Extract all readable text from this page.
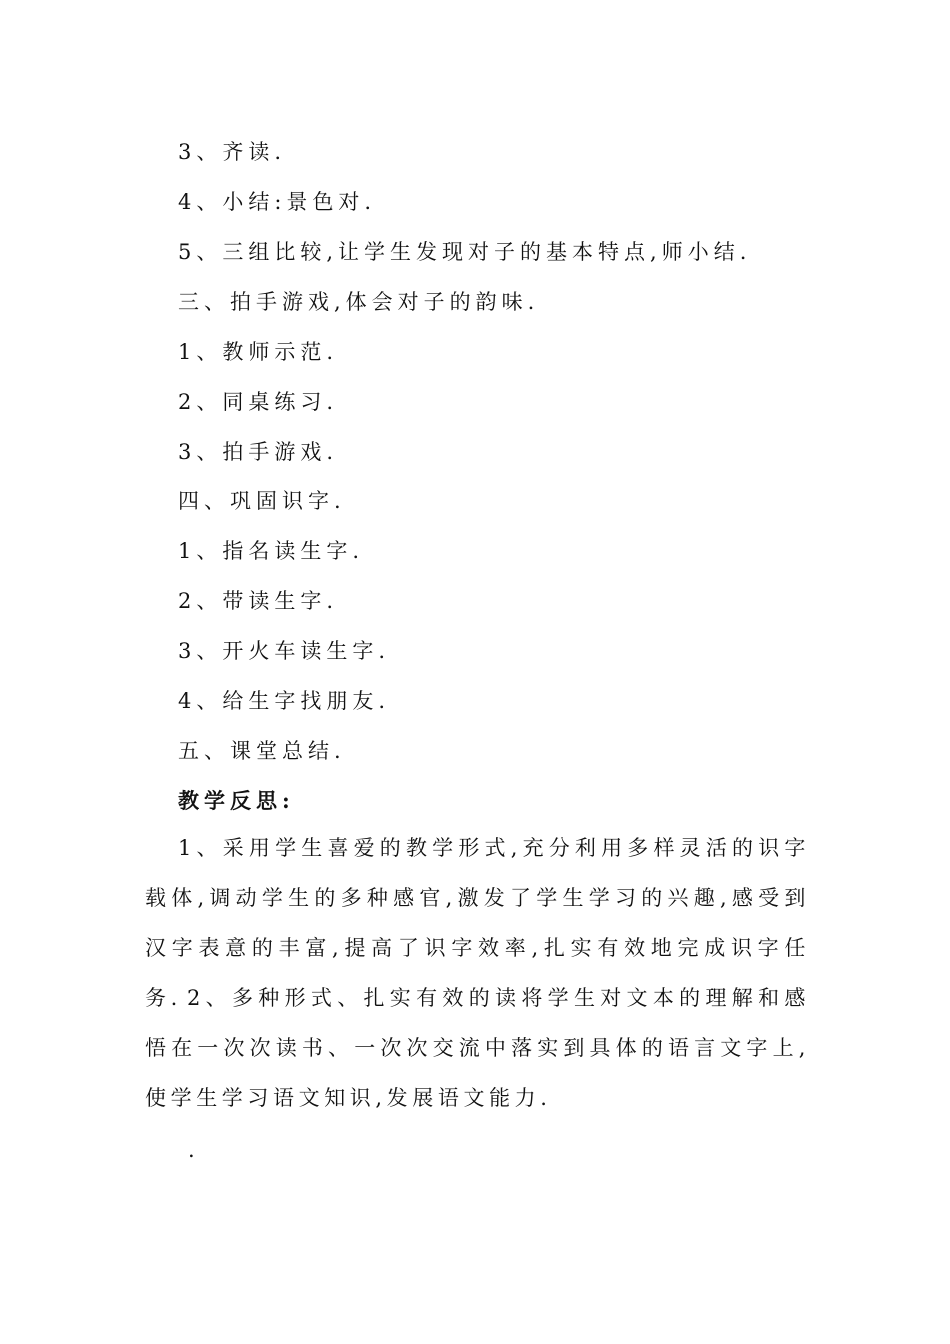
3、齐读.
4、小结:景色对.
5、三组比较,让学生发现对子的基本特点,师小结.
三、拍手游戏,体会对子的韵味.
1、教师示范.
2、同桌练习.
3、拍手游戏.
四、巩固识字.
1、指名读生字.
2、带读生字.
3、开火车读生字.
4、给生字找朋友.
五、课堂总结.
教学反思:
1、采用学生喜爱的教学形式,充分利用多样灵活的识字载体,调动学生的多种感官,激发了学生学习的兴趣,感受到汉字表意的丰富,提高了识字效率,扎实有效地完成识字任务. 2、多种形式、扎实有效的读将学生对文本的理解和感悟在一次次读书、一次次交流中落实到具体的语言文字上,使学生学习语文知识,发展语文能力.
.
